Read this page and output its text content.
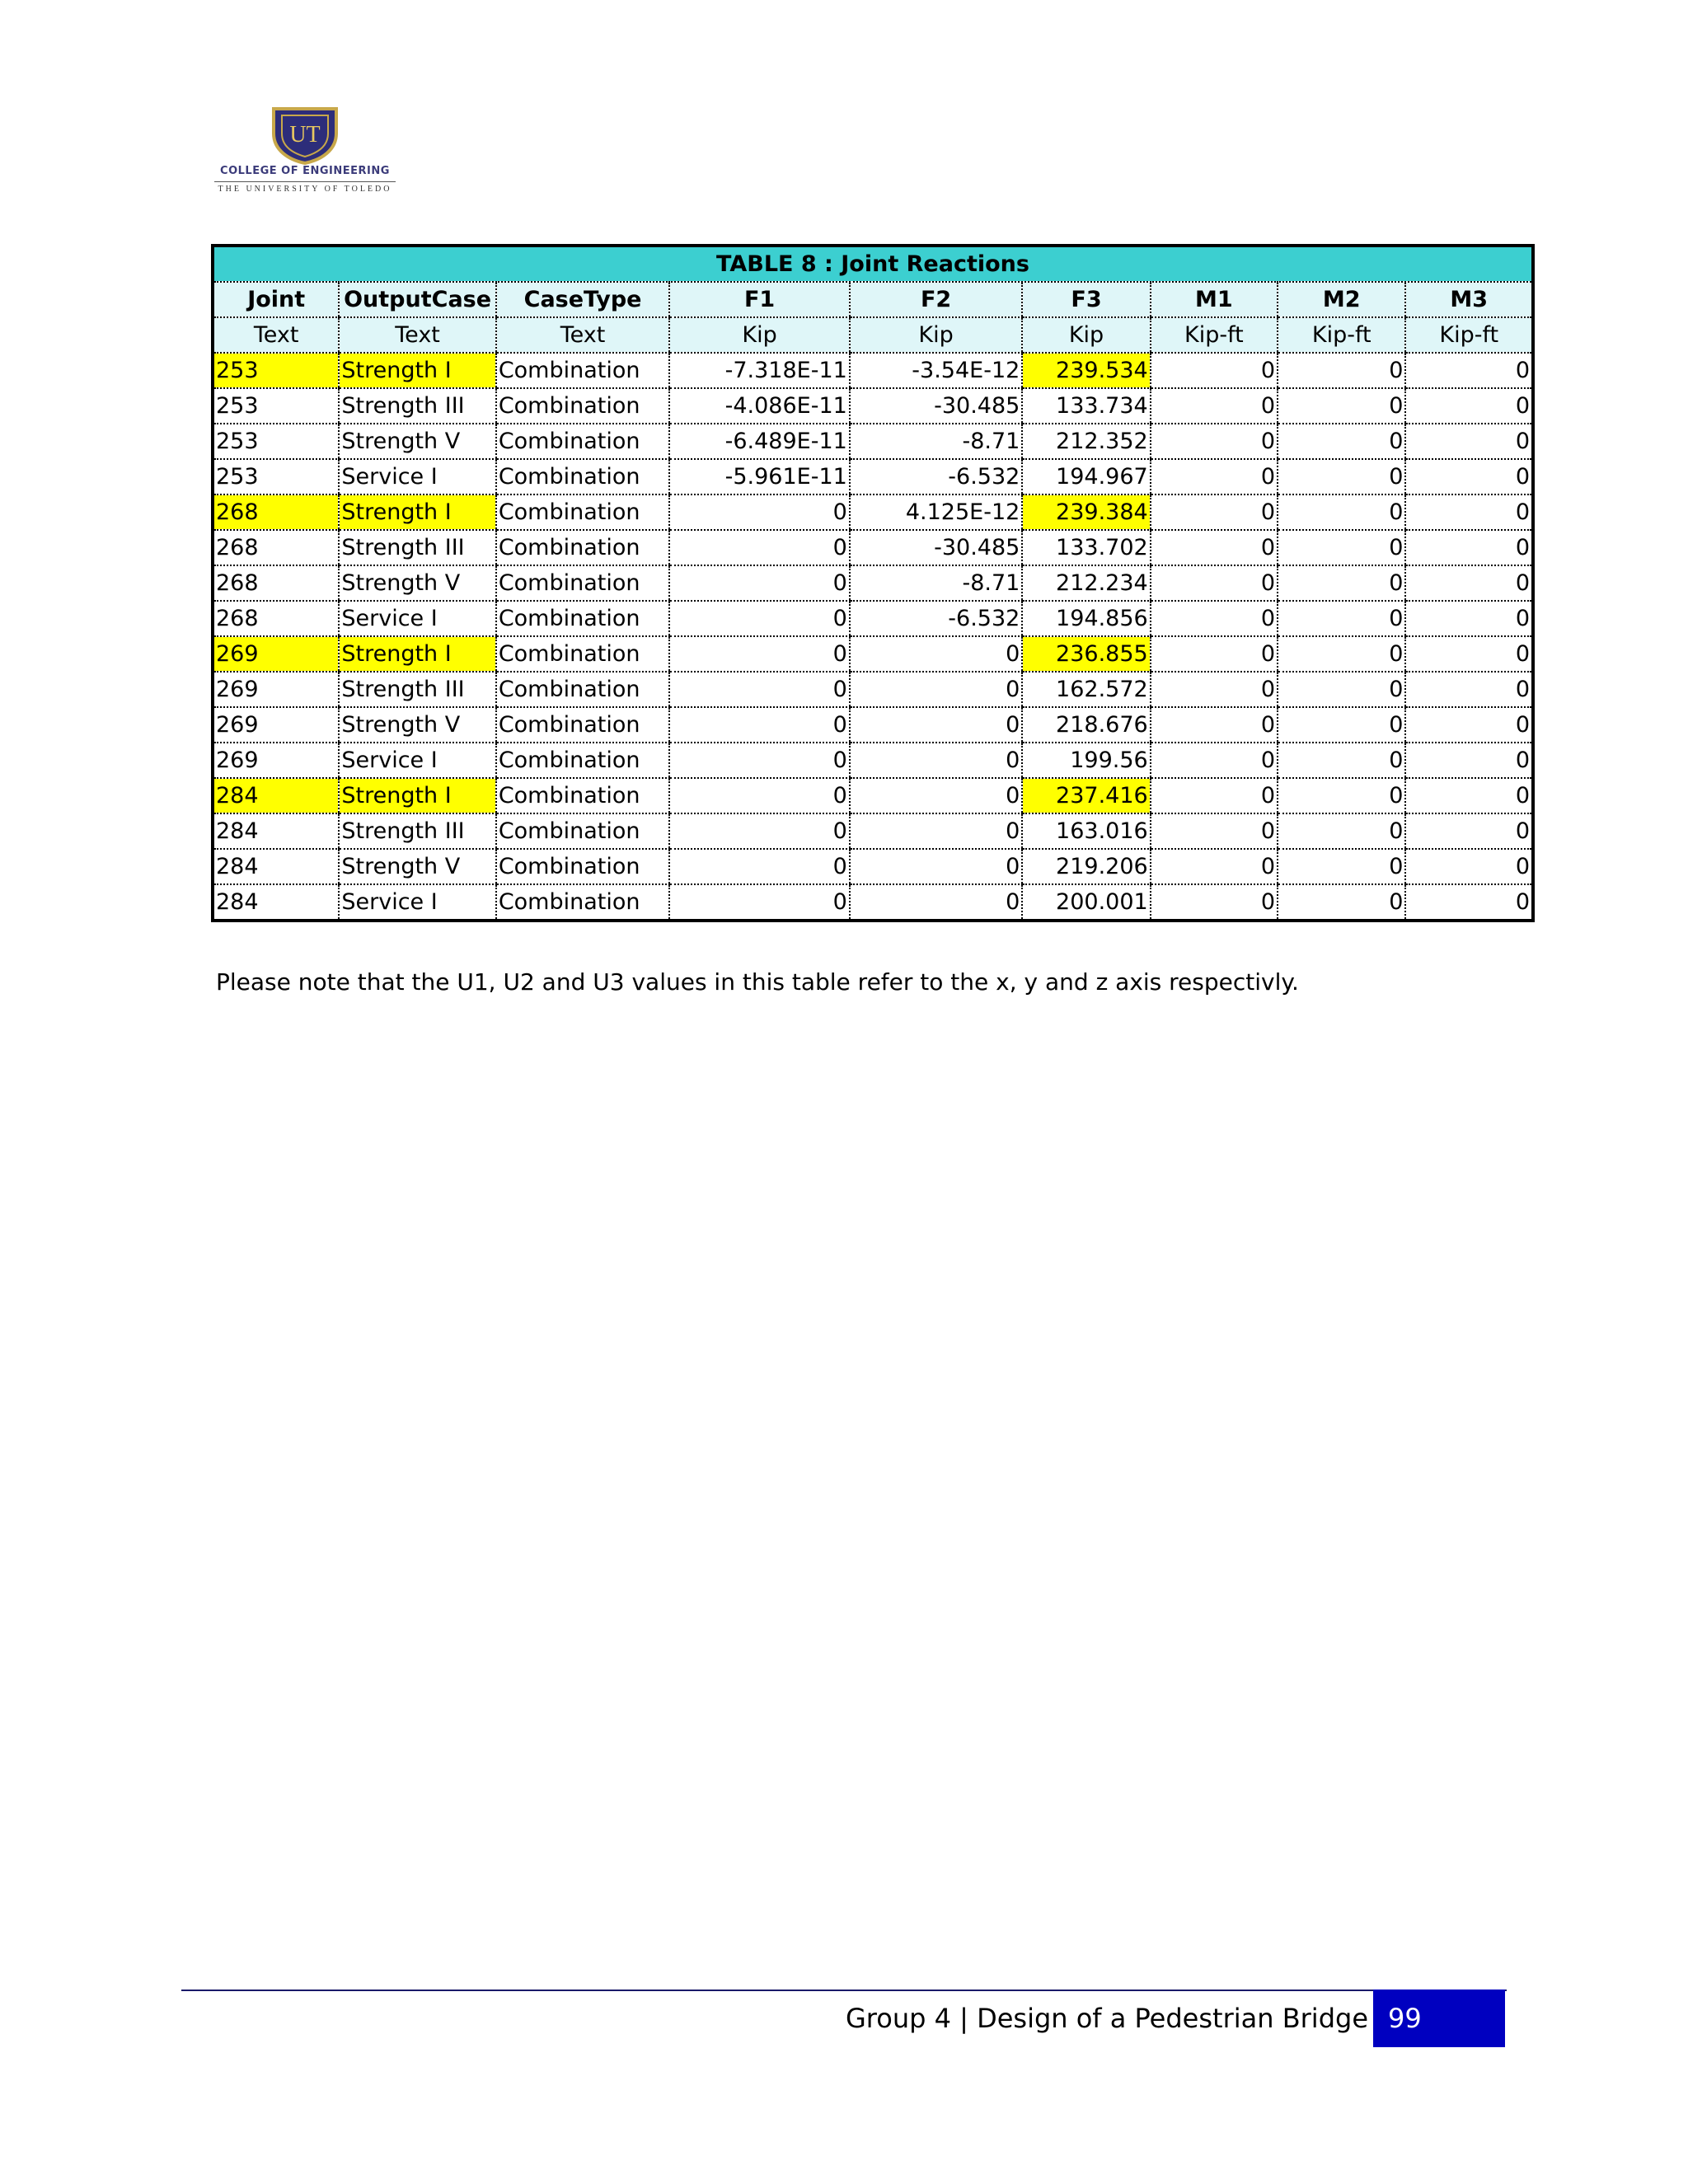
UT
COLLEGE OF ENGINEERING
THE UNIVERSITY OF TOLEDO
TABLE 8 : Joint Reactions								
Joint	OutputCase	CaseType	F1	F2	F3	M1	M2	M3
Text	Text	Text	Kip	Kip	Kip	Kip-ft	Kip-ft	Kip-ft
253	Strength I	Combination	-7.318E-11	-3.54E-12	239.534	0	0	0
253	Strength III	Combination	-4.086E-11	-30.485	133.734	0	0	0
253	Strength V	Combination	-6.489E-11	-8.71	212.352	0	0	0
253	Service I	Combination	-5.961E-11	-6.532	194.967	0	0	0
268	Strength I	Combination	0	4.125E-12	239.384	0	0	0
268	Strength III	Combination	0	-30.485	133.702	0	0	0
268	Strength V	Combination	0	-8.71	212.234	0	0	0
268	Service I	Combination	0	-6.532	194.856	0	0	0
269	Strength I	Combination	0	0	236.855	0	0	0
269	Strength III	Combination	0	0	162.572	0	0	0
269	Strength V	Combination	0	0	218.676	0	0	0
269	Service I	Combination	0	0	199.56	0	0	0
284	Strength I	Combination	0	0	237.416	0	0	0
284	Strength III	Combination	0	0	163.016	0	0	0
284	Strength V	Combination	0	0	219.206	0	0	0
284	Service I	Combination	0	0	200.001	0	0	0
Please note that the U1, U2 and U3 values in this table refer to the x, y and z axis respectivly.
Group 4 | Design of a Pedestrian Bridge 99
